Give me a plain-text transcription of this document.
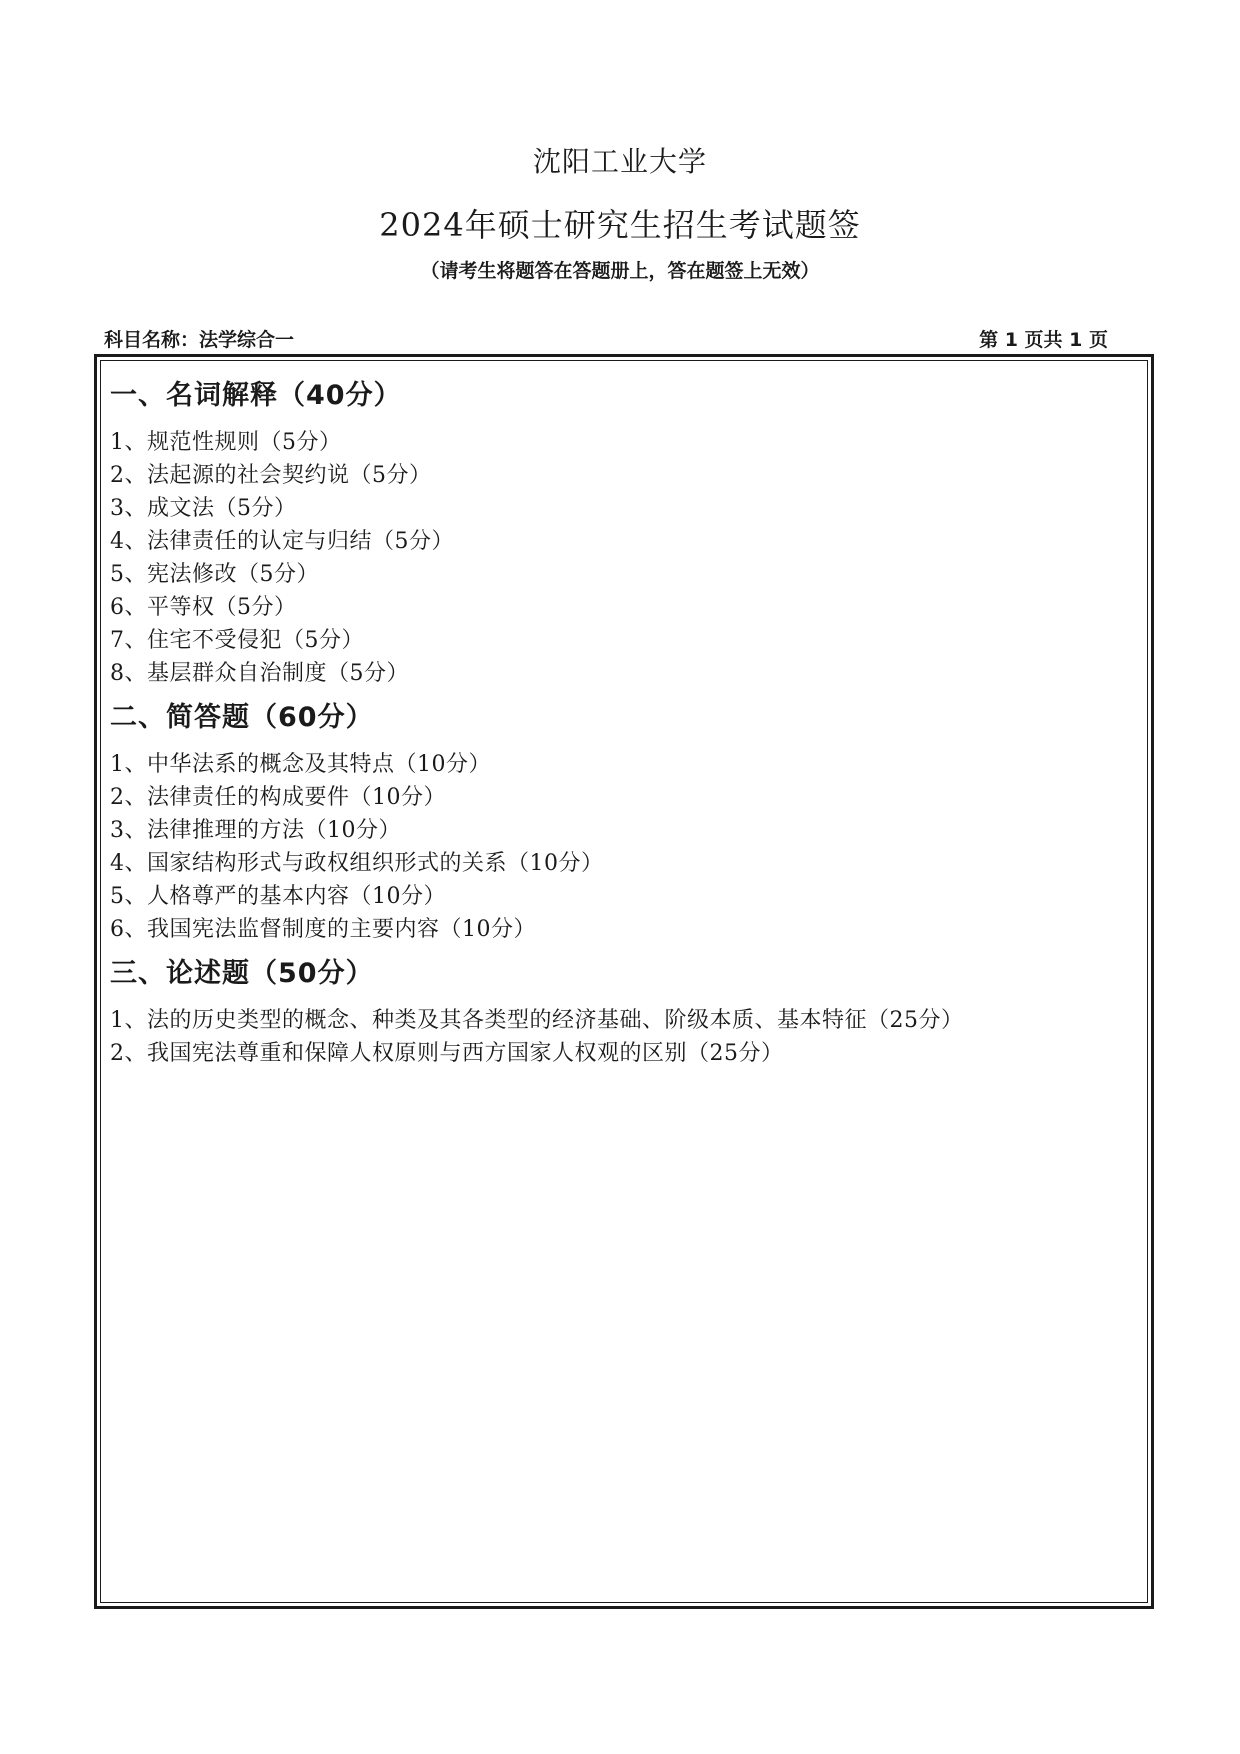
沈阳工业大学
2024年硕士研究生招生考试题签
（请考生将题答在答题册上，答在题签上无效）
科目名称：法学综合一	第 1 页共 1 页
一、名词解释（40分）
1、规范性规则（5分）
2、法起源的社会契约说（5分）
3、成文法（5分）
4、法律责任的认定与归结（5分）
5、宪法修改（5分）
6、平等权（5分）
7、住宅不受侵犯（5分）
8、基层群众自治制度（5分）
二、简答题（60分）
1、中华法系的概念及其特点（10分）
2、法律责任的构成要件（10分）
3、法律推理的方法（10分）
4、国家结构形式与政权组织形式的关系（10分）
5、人格尊严的基本内容（10分）
6、我国宪法监督制度的主要内容（10分）
三、论述题（50分）
1、法的历史类型的概念、种类及其各类型的经济基础、阶级本质、基本特征（25分）
2、我国宪法尊重和保障人权原则与西方国家人权观的区别（25分）
